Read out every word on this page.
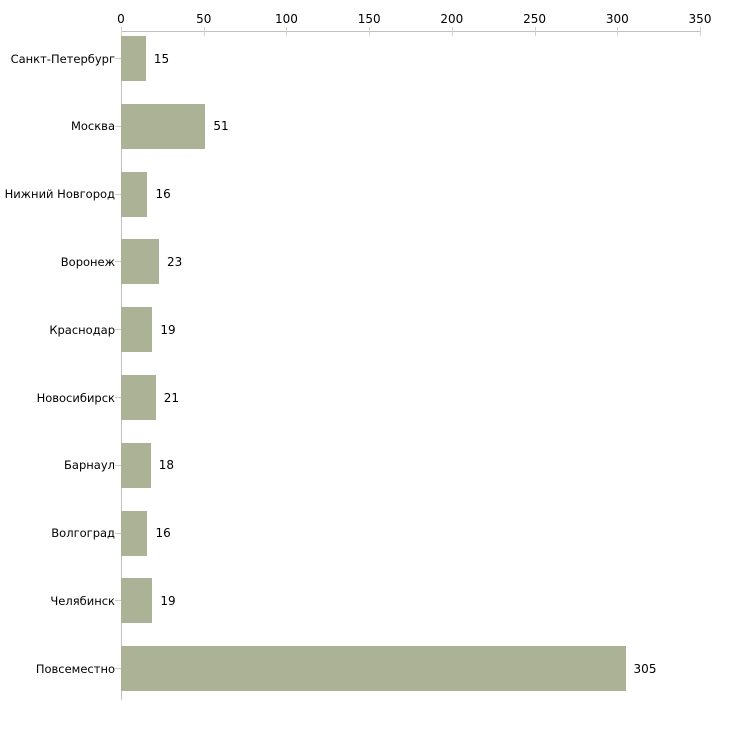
0	50	100	150	200	250	300	350
Санкт-Петербург	15
Москва	51
Нижний Новгород	16
Воронеж	23
Краснодар	19
Новосибирск	21
Барнаул	18
Волгоград	16
Челябинск	19
Повсеместно	305
